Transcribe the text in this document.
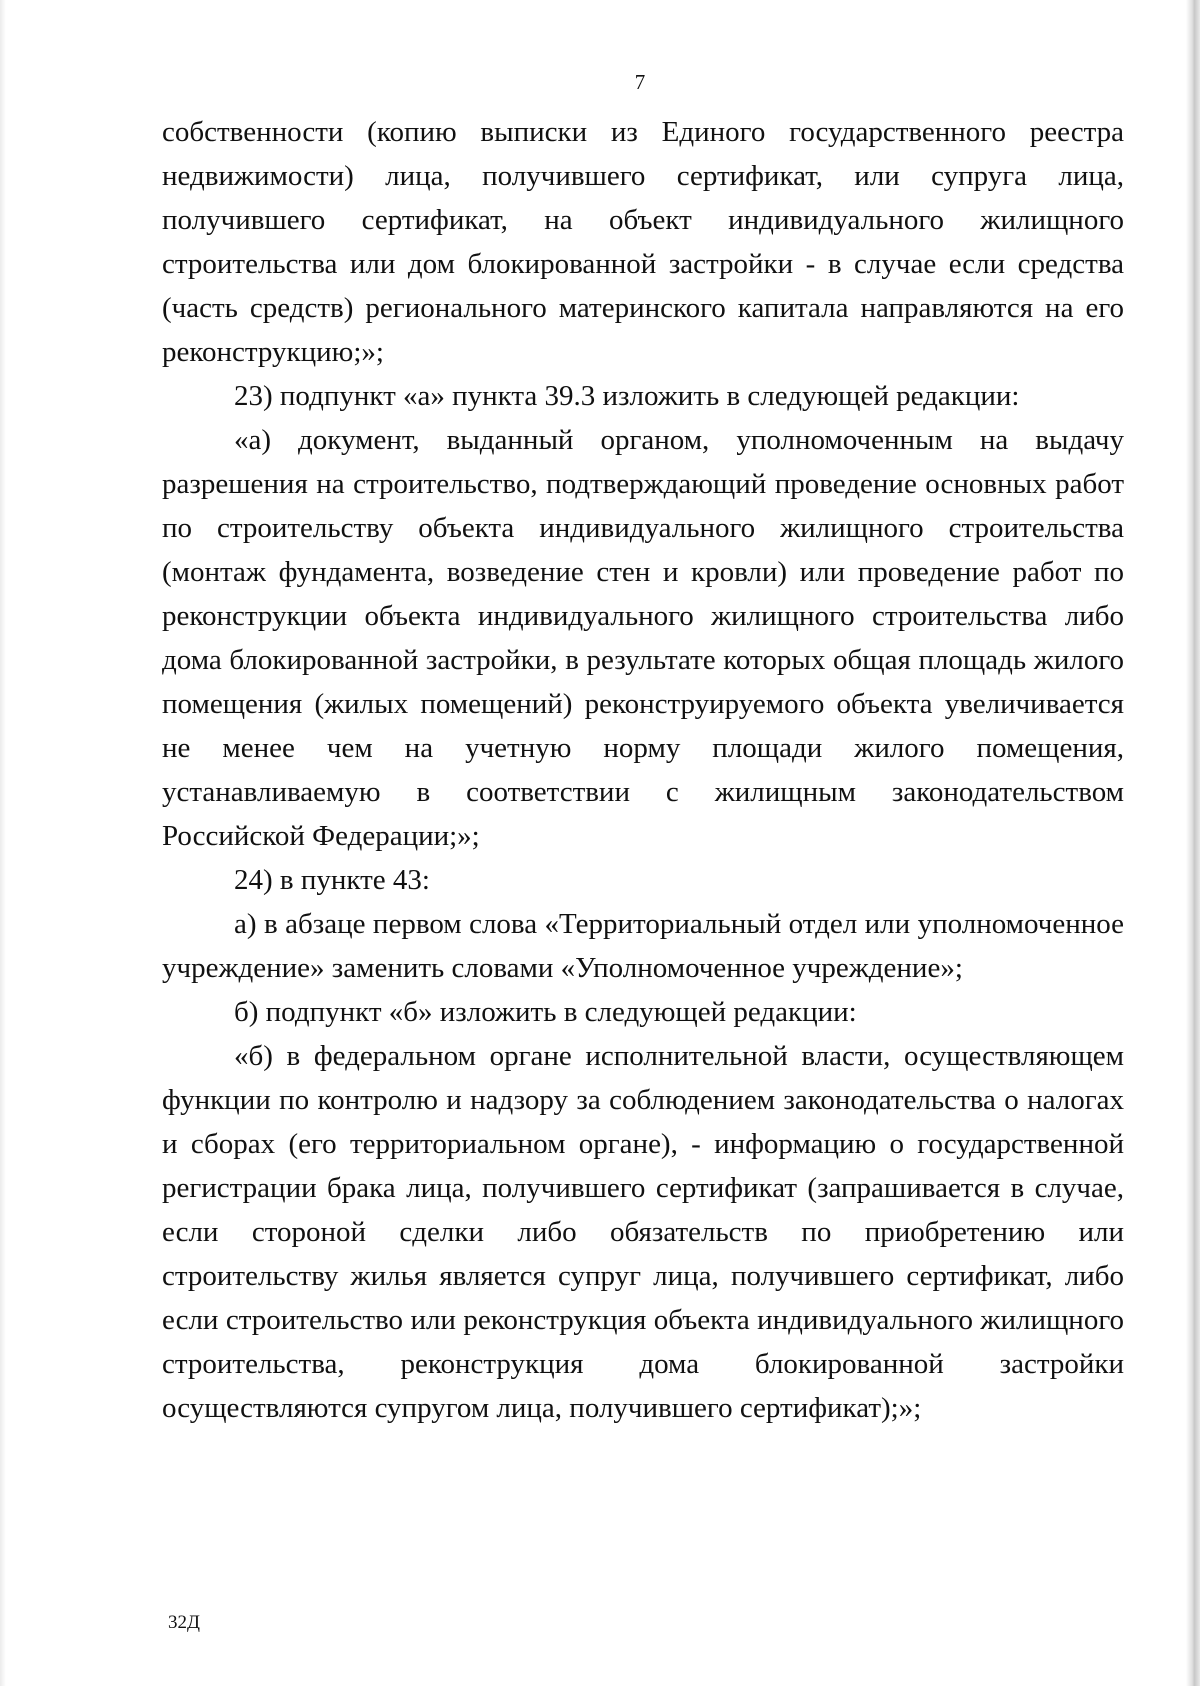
7

собственности (копию выписки из Единого государственного реестра недвижимости) лица, получившего сертификат, или супруга лица, получившего сертификат, на объект индивидуального жилищного строительства или дом блокированной застройки - в случае если средства (часть средств) регионального материнского капитала направляются на его реконструкцию;»;

23) подпункт «а» пункта 39.3 изложить в следующей редакции:

«а) документ, выданный органом, уполномоченным на выдачу разрешения на строительство, подтверждающий проведение основных работ по строительству объекта индивидуального жилищного строительства (монтаж фундамента, возведение стен и кровли) или проведение работ по реконструкции объекта индивидуального жилищного строительства либо дома блокированной застройки, в результате которых общая площадь жилого помещения (жилых помещений) реконструируемого объекта увеличивается не менее чем на учетную норму площади жилого помещения, устанавливаемую в соответствии с жилищным законодательством Российской Федерации;»;

24) в пункте 43:

а) в абзаце первом слова «Территориальный отдел или уполномоченное учреждение» заменить словами «Уполномоченное учреждение»;

б) подпункт «б» изложить в следующей редакции:

«б) в федеральном органе исполнительной власти, осуществляющем функции по контролю и надзору за соблюдением законодательства о налогах и сборах (его территориальном органе), - информацию о государственной регистрации брака лица, получившего сертификат (запрашивается в случае, если стороной сделки либо обязательств по приобретению или строительству жилья является супруг лица, получившего сертификат, либо если строительство или реконструкция объекта индивидуального жилищного строительства, реконструкция дома блокированной застройки осуществляются супругом лица, получившего сертификат);»;

32Д
